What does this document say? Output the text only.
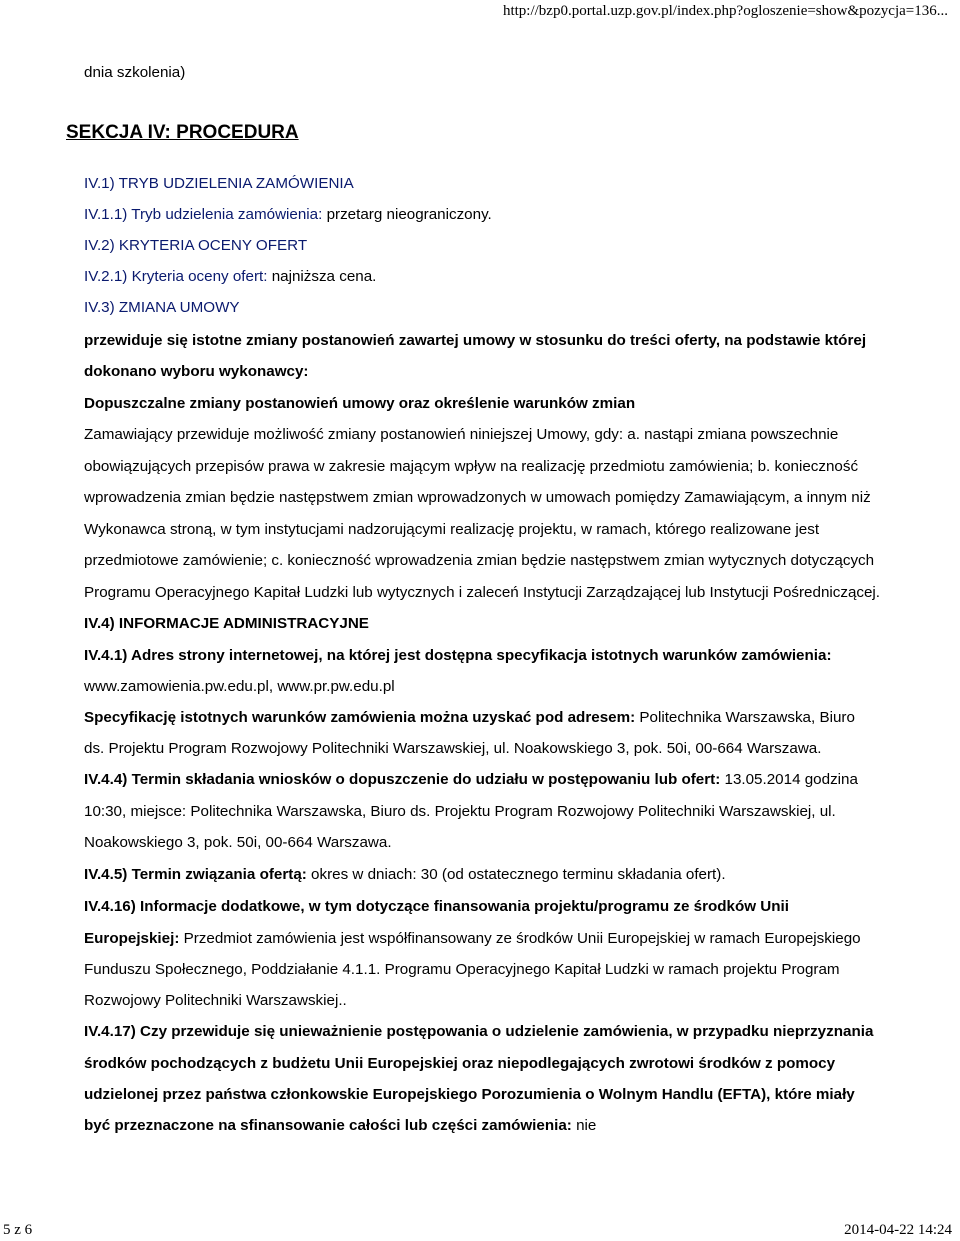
http://bzp0.portal.uzp.gov.pl/index.php?ogloszenie=show&pozycja=136...
dnia szkolenia)
SEKCJA IV: PROCEDURA
IV.1) TRYB UDZIELENIA ZAMÓWIENIA
IV.1.1) Tryb udzielenia zamówienia: przetarg nieograniczony.
IV.2) KRYTERIA OCENY OFERT
IV.2.1) Kryteria oceny ofert: najniższa cena.
IV.3) ZMIANA UMOWY
przewiduje się istotne zmiany postanowień zawartej umowy w stosunku do treści oferty, na podstawie której
dokonano wyboru wykonawcy:
Dopuszczalne zmiany postanowień umowy oraz określenie warunków zmian
Zamawiający przewiduje możliwość zmiany postanowień niniejszej Umowy, gdy: a. nastąpi zmiana powszechnie
obowiązujących przepisów prawa w zakresie mającym wpływ na realizację przedmiotu zamówienia; b. konieczność
wprowadzenia zmian będzie następstwem zmian wprowadzonych w umowach pomiędzy Zamawiającym, a innym niż
Wykonawca stroną, w tym instytucjami nadzorującymi realizację projektu, w ramach, którego realizowane jest
przedmiotowe zamówienie; c. konieczność wprowadzenia zmian będzie następstwem zmian wytycznych dotyczących
Programu Operacyjnego Kapitał Ludzki lub wytycznych i zaleceń Instytucji Zarządzającej lub Instytucji Pośredniczącej.
IV.4) INFORMACJE ADMINISTRACYJNE
IV.4.1) Adres strony internetowej, na której jest dostępna specyfikacja istotnych warunków zamówienia:
www.zamowienia.pw.edu.pl, www.pr.pw.edu.pl
Specyfikację istotnych warunków zamówienia można uzyskać pod adresem: Politechnika Warszawska, Biuro
ds. Projektu Program Rozwojowy Politechniki Warszawskiej, ul. Noakowskiego 3, pok. 50i, 00-664 Warszawa.
IV.4.4) Termin składania wniosków o dopuszczenie do udziału w postępowaniu lub ofert: 13.05.2014 godzina
10:30, miejsce: Politechnika Warszawska, Biuro ds. Projektu Program Rozwojowy Politechniki Warszawskiej, ul.
Noakowskiego 3, pok. 50i, 00-664 Warszawa.
IV.4.5) Termin związania ofertą: okres w dniach: 30 (od ostatecznego terminu składania ofert).
IV.4.16) Informacje dodatkowe, w tym dotyczące finansowania projektu/programu ze środków Unii
Europejskiej: Przedmiot zamówienia jest współfinansowany ze środków Unii Europejskiej w ramach Europejskiego
Funduszu Społecznego, Poddziałanie 4.1.1. Programu Operacyjnego Kapitał Ludzki w ramach projektu Program
Rozwojowy Politechniki Warszawskiej..
IV.4.17) Czy przewiduje się unieważnienie postępowania o udzielenie zamówienia, w przypadku nieprzyznania
środków pochodzących z budżetu Unii Europejskiej oraz niepodlegających zwrotowi środków z pomocy
udzielonej przez państwa członkowskie Europejskiego Porozumienia o Wolnym Handlu (EFTA), które miały
być przeznaczone na sfinansowanie całości lub części zamówienia: nie
5 z 6	2014-04-22 14:24
